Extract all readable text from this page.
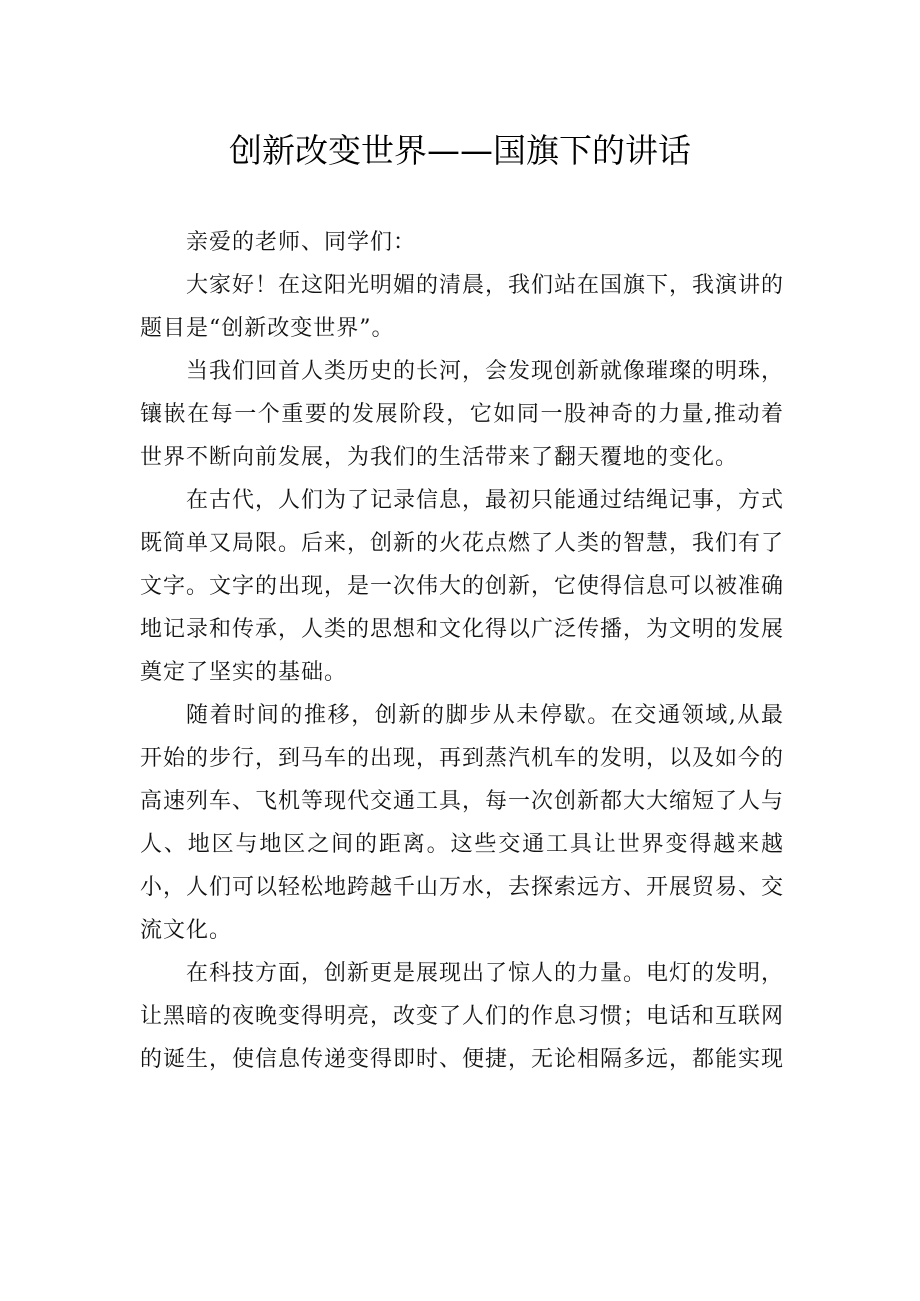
创新改变世界——国旗下的讲话

亲爱的老师、同学们：

大家好！在这阳光明媚的清晨，我们站在国旗下，我演讲的题目是“创新改变世界”。

当我们回首人类历史的长河，会发现创新就像璀璨的明珠，镶嵌在每一个重要的发展阶段，它如同一股神奇的力量,推动着世界不断向前发展，为我们的生活带来了翻天覆地的变化。

在古代，人们为了记录信息，最初只能通过结绳记事，方式既简单又局限。后来，创新的火花点燃了人类的智慧，我们有了文字。文字的出现，是一次伟大的创新，它使得信息可以被准确地记录和传承，人类的思想和文化得以广泛传播，为文明的发展奠定了坚实的基础。

随着时间的推移，创新的脚步从未停歇。在交通领域,从最开始的步行，到马车的出现，再到蒸汽机车的发明，以及如今的高速列车、飞机等现代交通工具，每一次创新都大大缩短了人与人、地区与地区之间的距离。这些交通工具让世界变得越来越小，人们可以轻松地跨越千山万水，去探索远方、开展贸易、交流文化。

在科技方面，创新更是展现出了惊人的力量。电灯的发明，让黑暗的夜晚变得明亮，改变了人们的作息习惯；电话和互联网的诞生，使信息传递变得即时、便捷，无论相隔多远，都能实现
